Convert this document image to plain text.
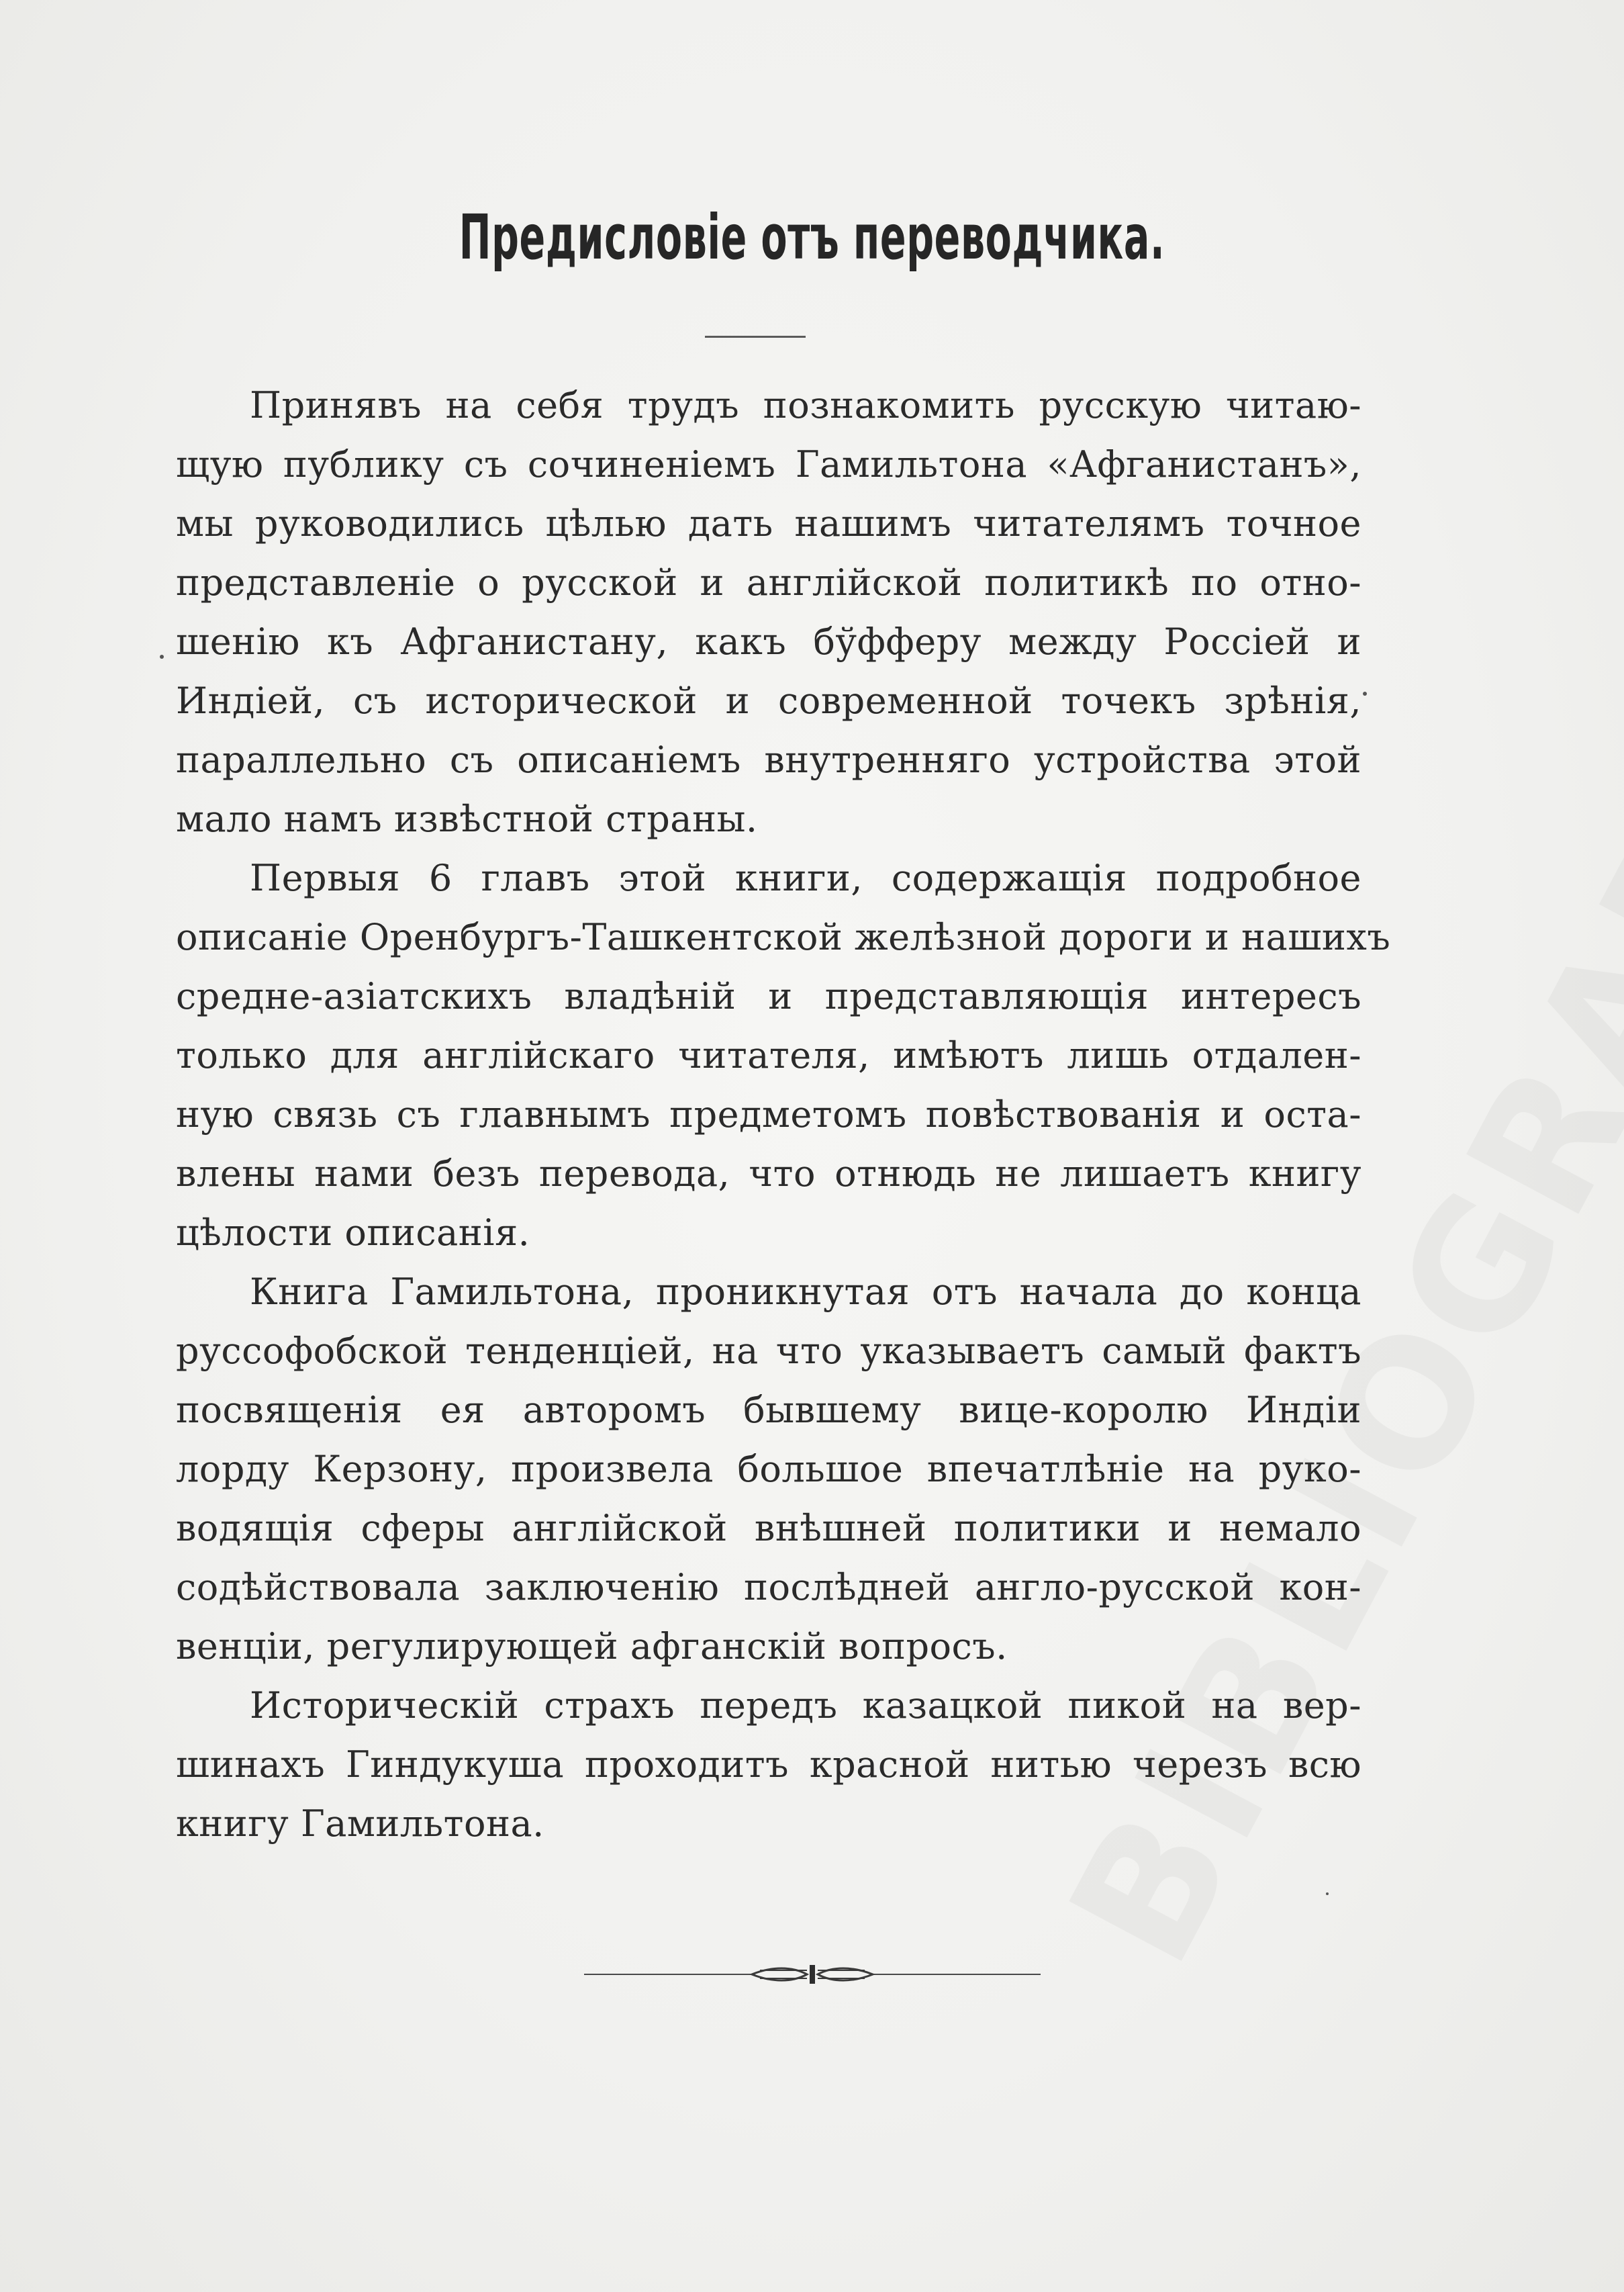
Предисловіе отъ переводчика.
Принявъ на себя трудъ познакомить русскую читаю-
щую публику съ сочиненіемъ Гамильтона «Афганистанъ»,
мы руководились цѣлью дать нашимъ читателямъ точное
представленіе о русской и англійской политикѣ по отно-
шенію къ Афганистану, какъ бўфферу между Россіей и
Индіей, съ исторической и современной точекъ зрѣнія,
параллельно съ описаніемъ внутренняго устройства этой
мало намъ извѣстной страны.
Первыя 6 главъ этой книги, содержащія подробное
описаніе Оренбургъ-Ташкентской желѣзной дороги и нашихъ
средне-азіатскихъ владѣній и представляющія интересъ
только для англійскаго читателя, имѣютъ лишь отдален-
ную связь съ главнымъ предметомъ повѣствованія и оста-
влены нами безъ перевода, что отнюдь не лишаетъ книгу
цѣлости описанія.
Книга Гамильтона, проникнутая отъ начала до конца
руссофобской тенденціей, на что указываетъ самый фактъ
посвященія ея авторомъ бывшему вице-королю Индіи
лорду Керзону, произвела большое впечатлѣніе на руко-
водящія сферы англійской внѣшней политики и немало
содѣйствовала заключенію послѣдней англо-русской кон-
венціи, регулирующей афганскій вопросъ.
Историческій страхъ передъ казацкой пикой на вер-
шинахъ Гиндукуша проходитъ красной нитью черезъ всю
книгу Гамильтона.
